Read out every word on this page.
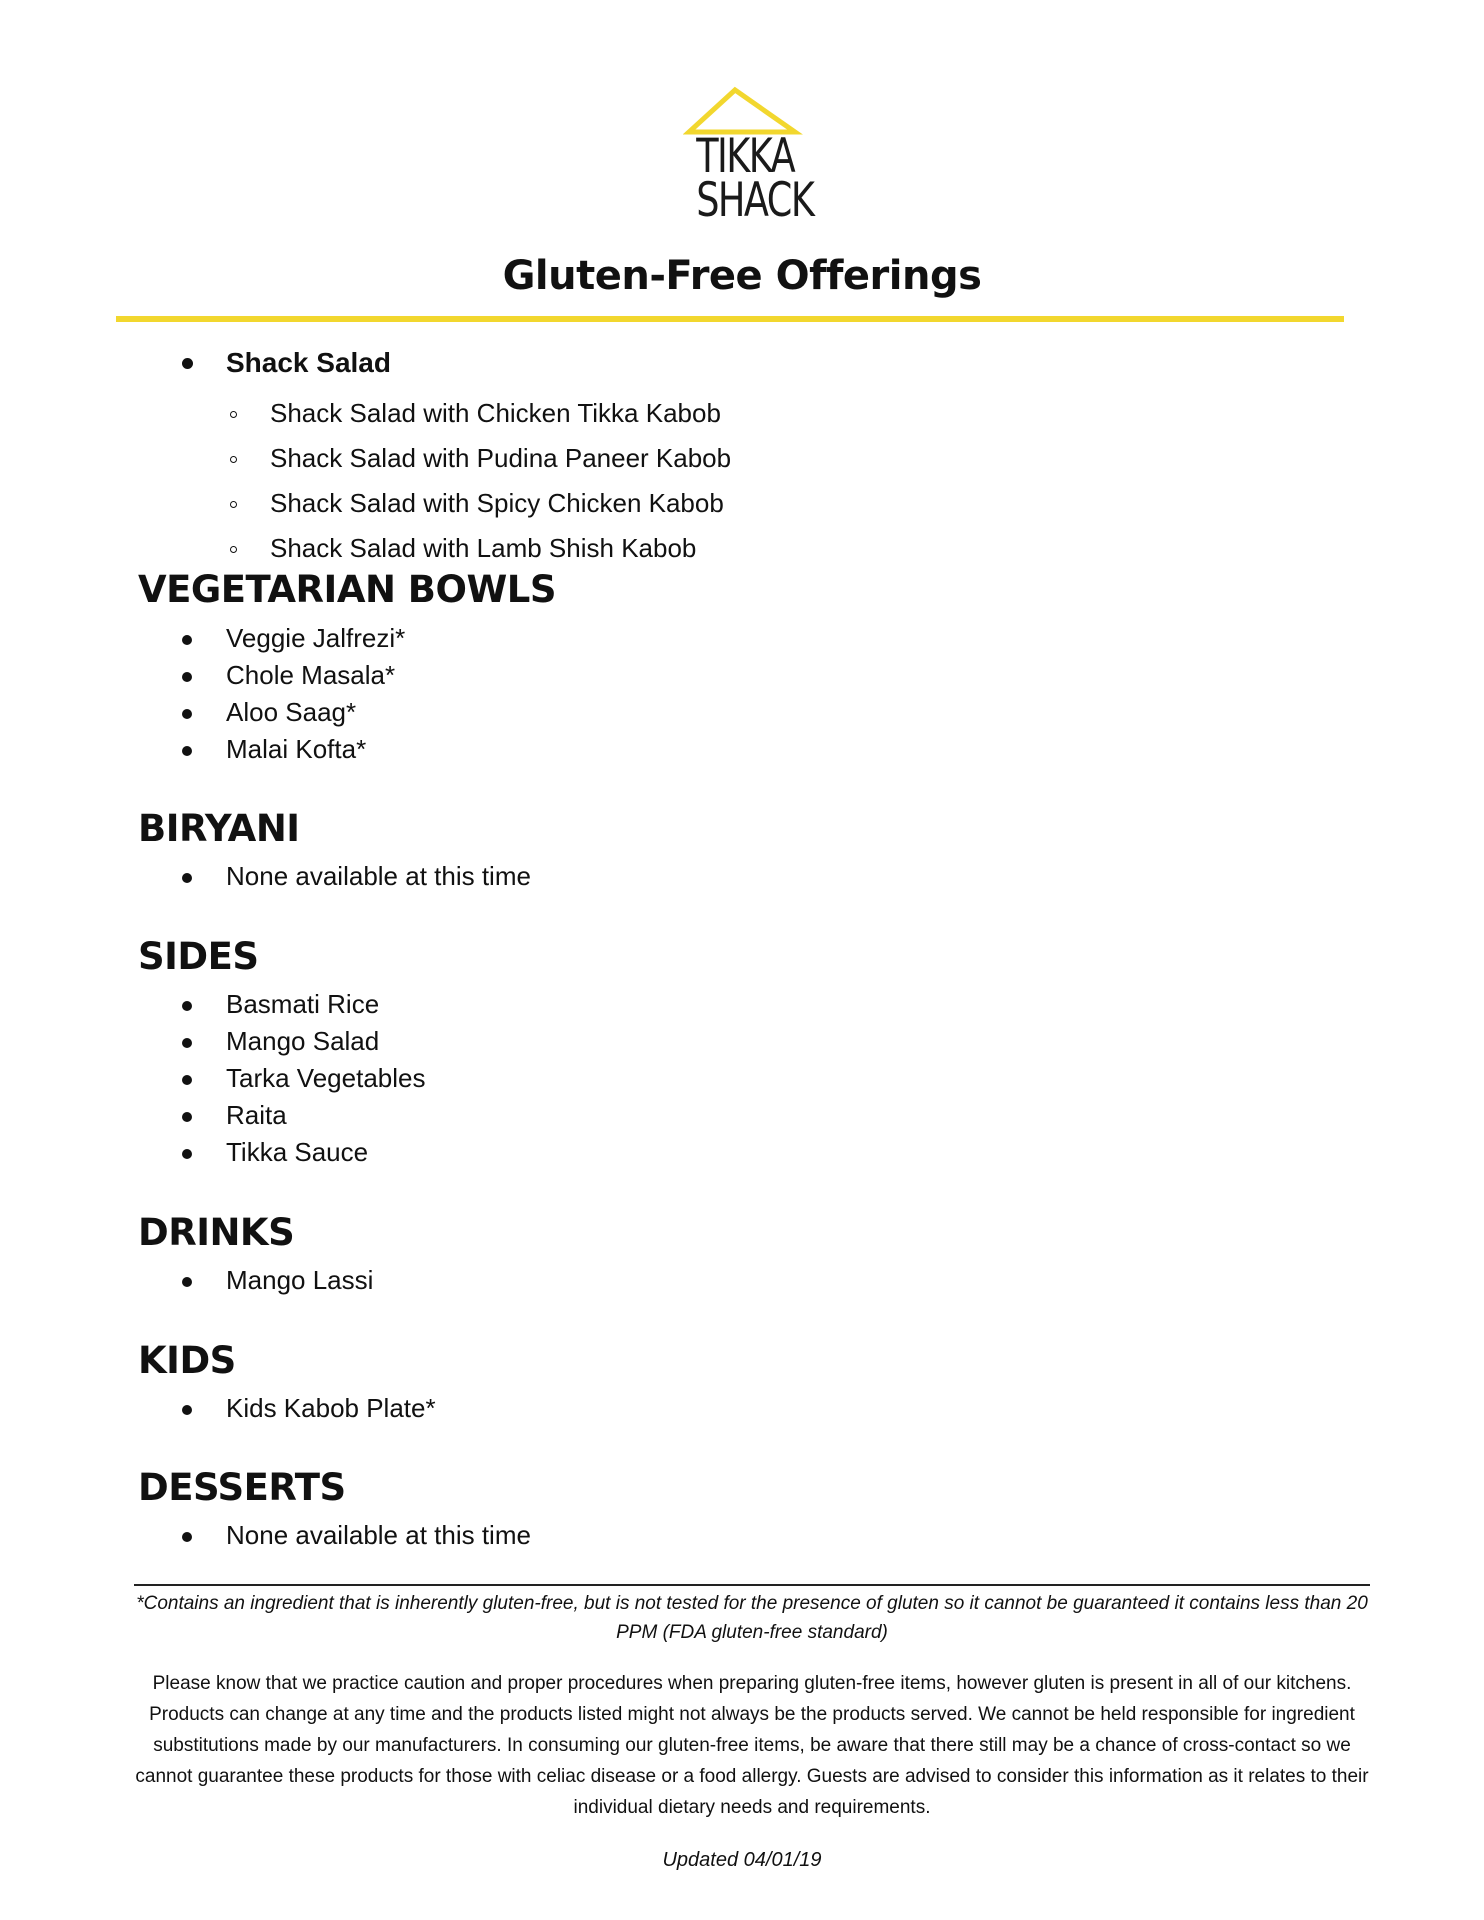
TIKKA
SHACK
Gluten-Free Offerings
Shack Salad
Shack Salad with Chicken Tikka Kabob
Shack Salad with Pudina Paneer Kabob
Shack Salad with Spicy Chicken Kabob
Shack Salad with Lamb Shish Kabob
VEGETARIAN BOWLS
Veggie Jalfrezi*
Chole Masala*
Aloo Saag*
Malai Kofta*
BIRYANI
None available at this time
SIDES
Basmati Rice
Mango Salad
Tarka Vegetables
Raita
Tikka Sauce
DRINKS
Mango Lassi
KIDS
Kids Kabob Plate*
DESSERTS
None available at this time

*Contains an ingredient that is inherently gluten-free, but is not tested for the presence of gluten so it cannot be guaranteed it contains less than 20 PPM (FDA gluten-free standard)

Please know that we practice caution and proper procedures when preparing gluten-free items, however gluten is present in all of our kitchens. Products can change at any time and the products listed might not always be the products served. We cannot be held responsible for ingredient substitutions made by our manufacturers. In consuming our gluten-free items, be aware that there still may be a chance of cross-contact so we cannot guarantee these products for those with celiac disease or a food allergy. Guests are advised to consider this information as it relates to their individual dietary needs and requirements.

Updated 04/01/19
